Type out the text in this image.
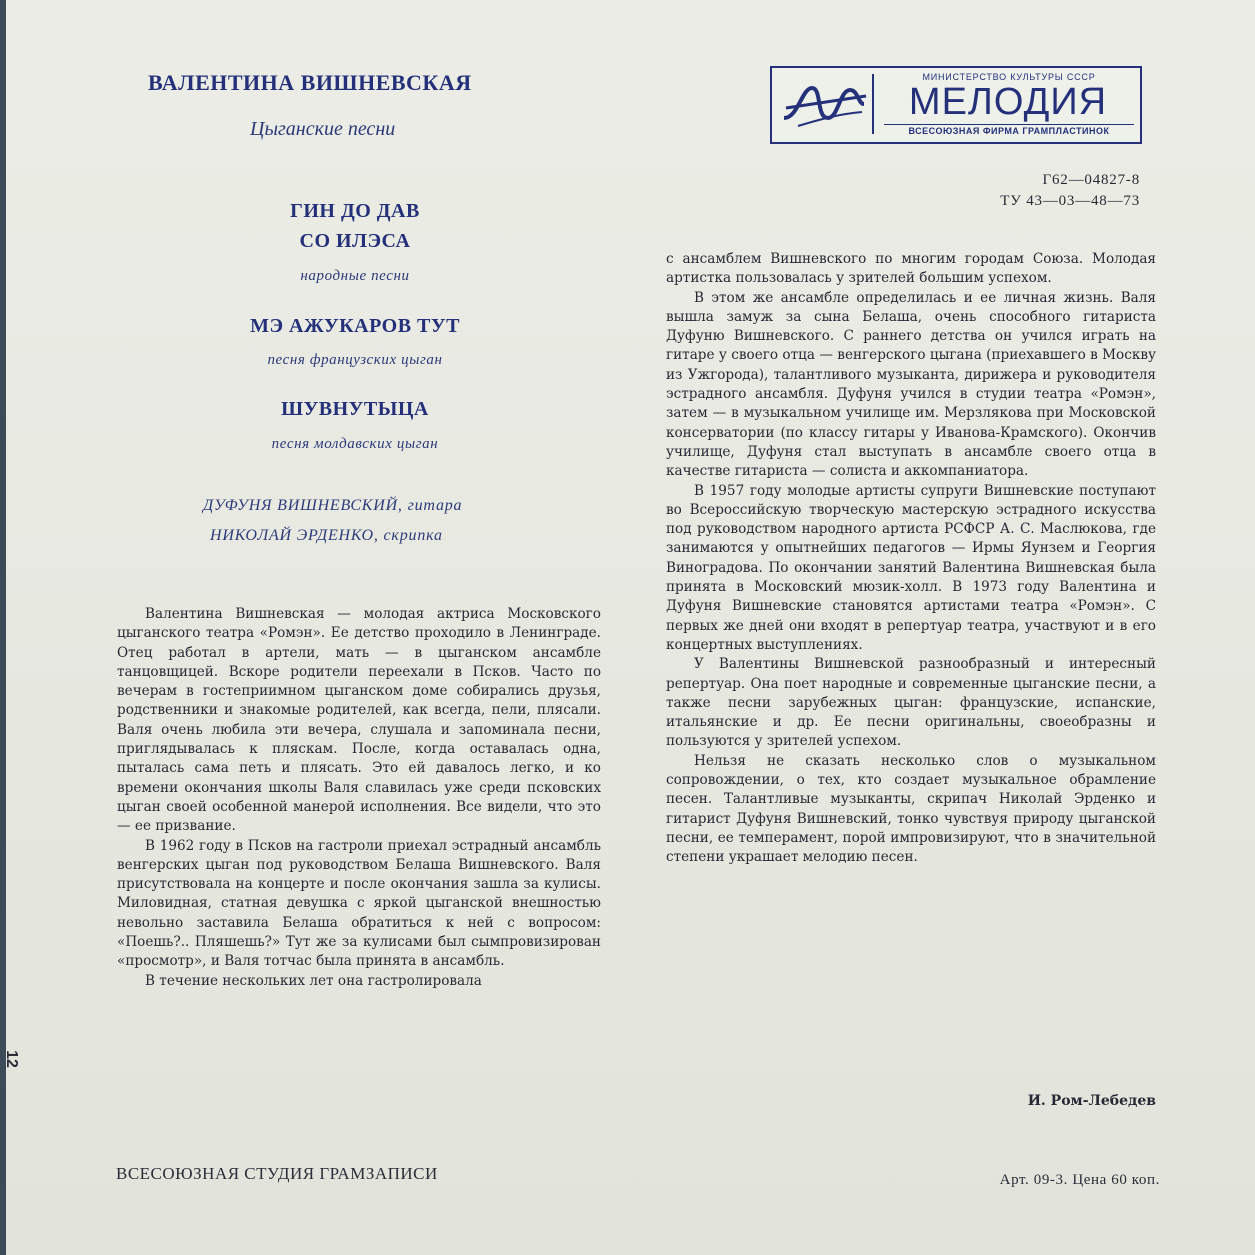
ВАЛЕНТИНА ВИШНЕВСКАЯ
Цыганские песни
ГИН ДО ДАВ
СО ИЛЭСА
народные песни
МЭ АЖУКАРОВ ТУТ
песня французских цыган
ШУВНУТЫЦА
песня молдавских цыган
ДУФУНЯ ВИШНЕВСКИЙ, гитара
НИКОЛАЙ ЭРДЕНКО, скрипка
МИНИСТЕРСТВО КУЛЬТУРЫ СССР
МЕЛОДИЯ
ВСЕСОЮЗНАЯ ФИРМА ГРАМПЛАСТИНОК
Г62—04827-8
ТУ 43—03—48—73

Валентина Вишневская — молодая актриса Московского цыганского театра «Ромэн». Ее детство проходило в Ленинграде. Отец работал в артели, мать — в цыганском ансамбле танцовщицей. Вскоре родители переехали в Псков. Часто по вечерам в гостеприимном цыганском доме собирались друзья, родственники и знакомые родителей, как всегда, пели, плясали. Валя очень любила эти вечера, слушала и запоминала песни, приглядывалась к пляскам. После, когда оставалась одна, пыталась сама петь и плясать. Это ей давалось легко, и ко времени окончания школы Валя славилась уже среди псковских цыган своей особенной манерой исполнения. Все видели, что это — ее призвание.

В 1962 году в Псков на гастроли приехал эстрадный ансамбль венгерских цыган под руководством Белаша Вишневского. Валя присутствовала на концерте и после окончания зашла за кулисы. Миловидная, статная девушка с яркой цыганской внешностью невольно заставила Белаша обратиться к ней с вопросом: «Поешь?.. Пляшешь?» Тут же за кулисами был сымпровизирован «просмотр», и Валя тотчас была принята в ансамбль.

В течение нескольких лет она гастролировала

с ансамблем Вишневского по многим городам Союза. Молодая артистка пользовалась у зрителей большим успехом.

В этом же ансамбле определилась и ее личная жизнь. Валя вышла замуж за сына Белаша, очень способного гитариста Дуфуню Вишневского. С раннего детства он учился играть на гитаре у своего отца — венгерского цыгана (приехавшего в Москву из Ужгорода), талантливого музыканта, дирижера и руководителя эстрадного ансамбля. Дуфуня учился в студии театра «Ромэн», затем — в музыкальном училище им. Мерзлякова при Московской консерватории (по классу гитары у Иванова-Крамского). Окончив училище, Дуфуня стал выступать в ансамбле своего отца в качестве гитариста — солиста и аккомпаниатора.

В 1957 году молодые артисты супруги Вишневские поступают во Всероссийскую творческую мастерскую эстрадного искусства под руководством народного артиста РСФСР А. С. Маслюкова, где занимаются у опытнейших педагогов — Ирмы Яунзем и Георгия Виноградова. По окончании занятий Валентина Вишневская была принята в Московский мюзик-холл. В 1973 году Валентина и Дуфуня Вишневские становятся артистами театра «Ромэн». С первых же дней они входят в репертуар театра, участвуют и в его концертных выступлениях.

У Валентины Вишневской разнообразный и интересный репертуар. Она поет народные и современные цыганские песни, а также песни зарубежных цыган: французские, испанские, итальянские и др. Ее песни оригинальны, своеобразны и пользуются у зрителей успехом.

Нельзя не сказать несколько слов о музыкальном сопровождении, о тех, кто создает музыкальное обрамление песен. Талантливые музыканты, скрипач Николай Эрденко и гитарист Дуфуня Вишневский, тонко чувствуя природу цыганской песни, ее темперамент, порой импровизируют, что в значительной степени украшает мелодию песен.

И. Ром-Лебедев
ВСЕСОЮЗНАЯ СТУДИЯ ГРАМЗАПИСИ	Арт. 09-3. Цена 60 коп.
12
